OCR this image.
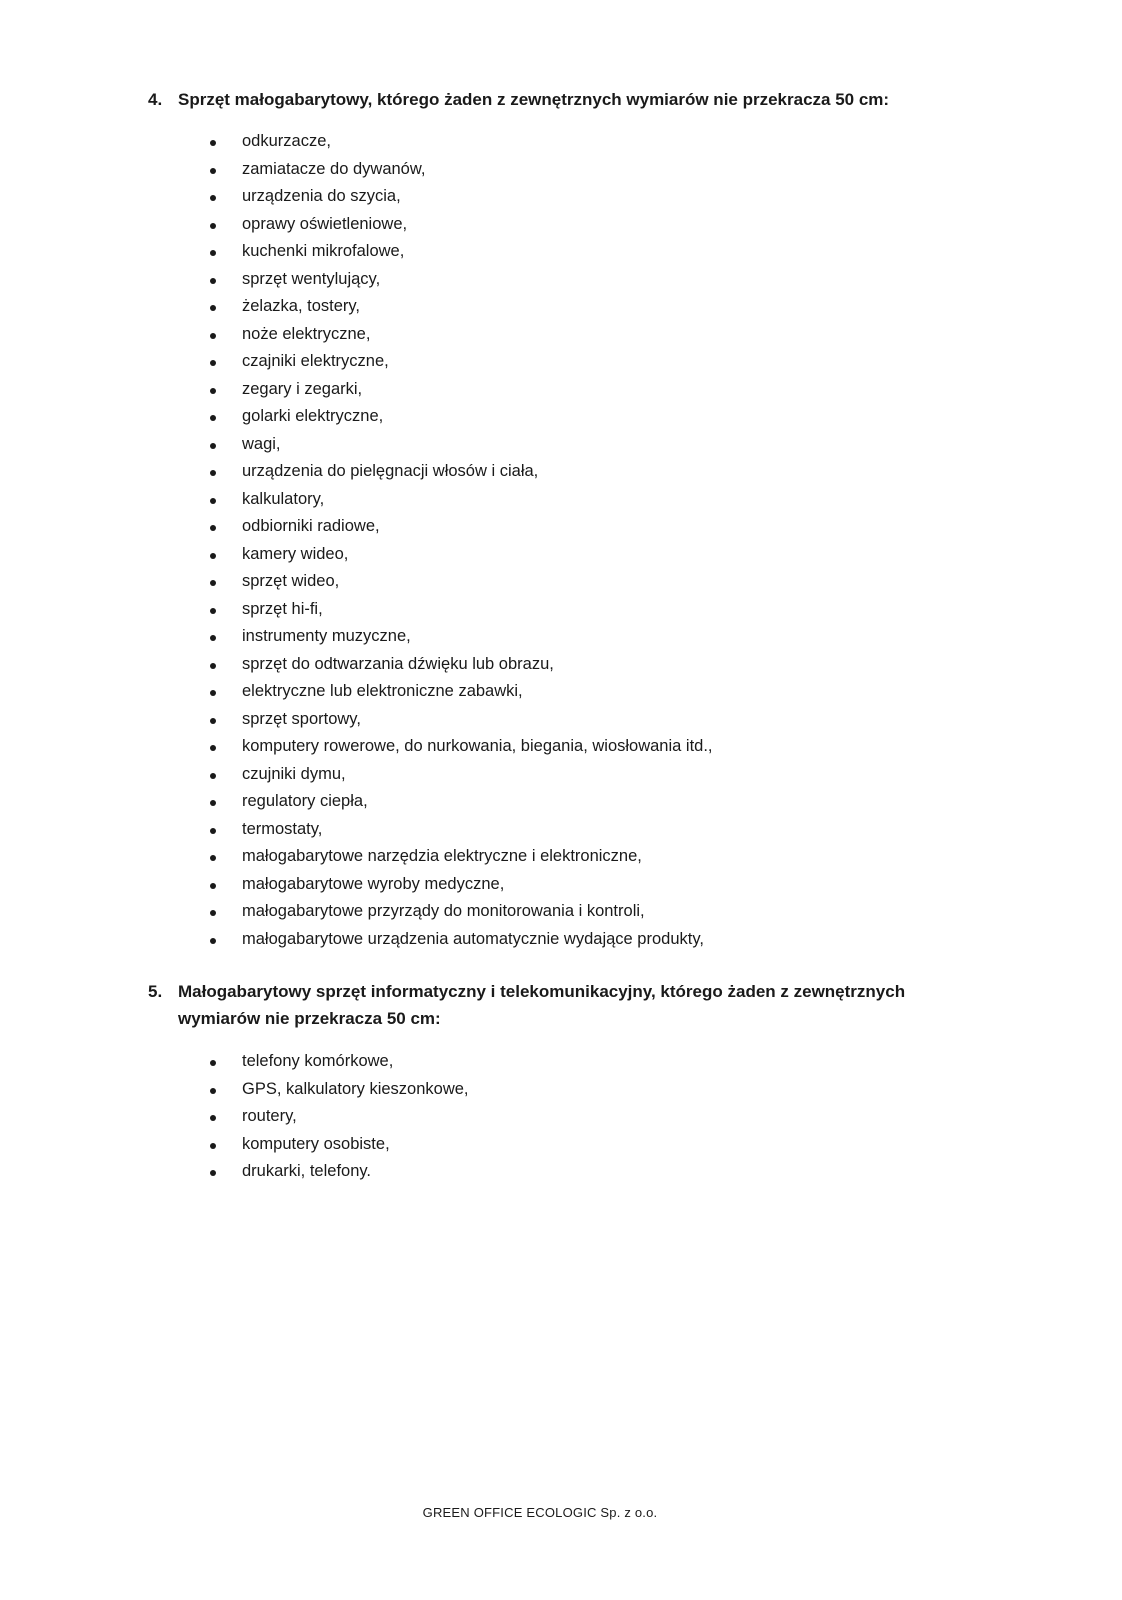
4. Sprzęt małogabarytowy, którego żaden z zewnętrznych wymiarów nie przekracza 50 cm:
odkurzacze,
zamiatacze do dywanów,
urządzenia do szycia,
oprawy oświetleniowe,
kuchenki mikrofalowe,
sprzęt wentylujący,
żelazka, tostery,
noże elektryczne,
czajniki elektryczne,
zegary i zegarki,
golarki elektryczne,
wagi,
urządzenia do pielęgnacji włosów i ciała,
kalkulatory,
odbiorniki radiowe,
kamery wideo,
sprzęt wideo,
sprzęt hi-fi,
instrumenty muzyczne,
sprzęt do odtwarzania dźwięku lub obrazu,
elektryczne lub elektroniczne zabawki,
sprzęt sportowy,
komputery rowerowe, do nurkowania, biegania, wiosłowania itd.,
czujniki dymu,
regulatory ciepła,
termostaty,
małogabarytowe narzędzia elektryczne i elektroniczne,
małogabarytowe wyroby medyczne,
małogabarytowe przyrządy do monitorowania i kontroli,
małogabarytowe urządzenia automatycznie wydające produkty,
5. Małogabarytowy sprzęt informatyczny i telekomunikacyjny, którego żaden z zewnętrznych wymiarów nie przekracza 50 cm:
telefony komórkowe,
GPS, kalkulatory kieszonkowe,
routery,
komputery osobiste,
drukarki, telefony.
GREEN OFFICE ECOLOGIC Sp. z o.o.
